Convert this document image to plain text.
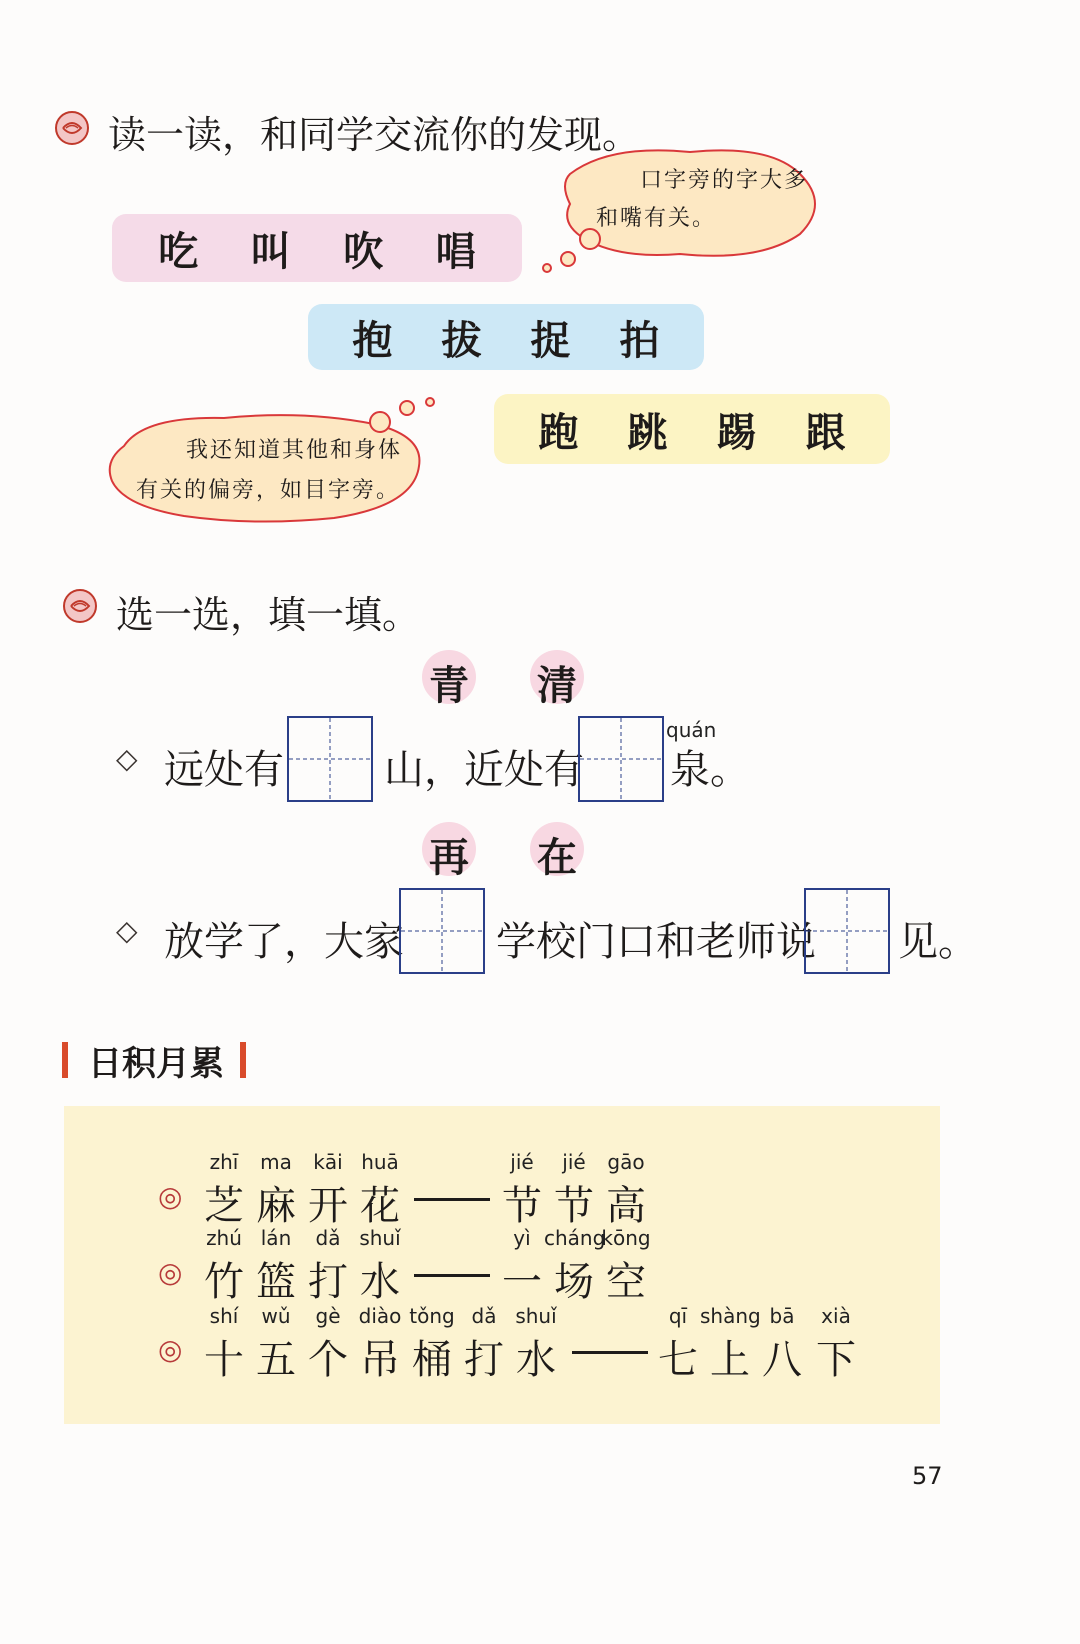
读一读，和同学交流你的发现。
吃 叫 吹 唱
口字旁的字大多
和嘴有关。
抱 拔 捉 拍
跑 跳 踢 跟
我还知道其他和身体
有关的偏旁，如目字旁。
选一选，填一填。
青 清
◇ 远处有	山，近处有
quán
泉。
再 在
◇ 放学了，大家 学校门口和老师说 见。
日积月累
◎
◎
◎
zhī
芝
ma
麻
kāi
开
huā
花
jié
节
jié
节
gāo
高
zhú
竹
lán
篮
dǎ
打
shuǐ
水
yì
一
cháng
场
kōng
空
shí
十
wǔ
五
gè
个
diào
吊
tǒng
桶
dǎ
打
shuǐ
水
qī
七
shàng
上
bā
八
xià
下
57
